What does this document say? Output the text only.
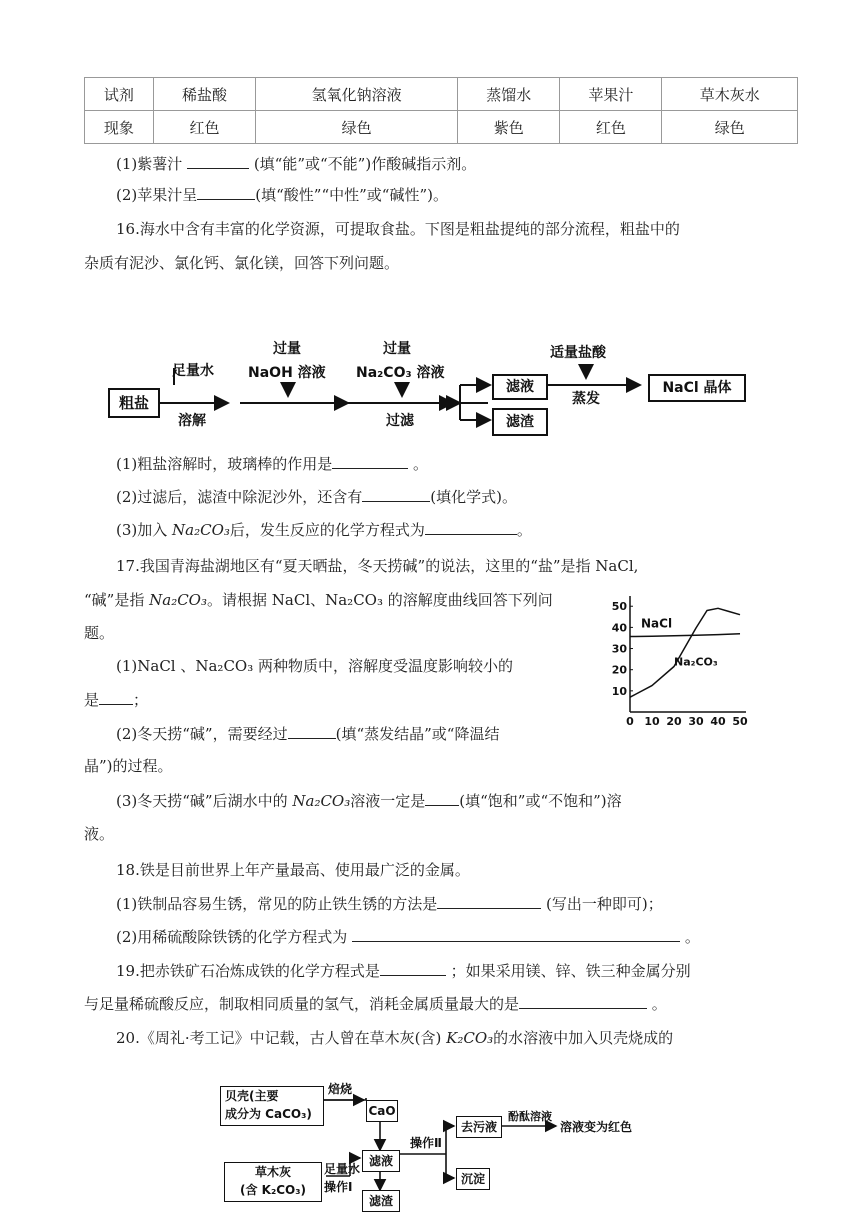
试剂	稀盐酸	氢氧化钠溶液	蒸馏水	苹果汁	草木灰水
现象	红色	绿色	紫色	红色	绿色
(1)紫薯汁	(填“能”或“不能”)作酸碱指示剂。
(2)苹果汁呈	(填“酸性”“中性”或“碱性”)。
16.海水中含有丰富的化学资源，可提取食盐。下图是粗盐提纯的部分流程，粗盐中的
杂质有泥沙、氯化钙、氯化镁，回答下列问题。
粗盐
足量水
溶解
过量
NaOH 溶液
过量
Na₂CO₃ 溶液
过滤
滤液
滤渣
适量盐酸
蒸发
NaCl 晶体
(1)粗盐溶解时，玻璃棒的作用是	。
(2)过滤后，滤渣中除泥沙外，还含有	(填化学式)。
(3)加入 Na₂CO₃后，发生反应的化学方程式为	。
17.我国青海盐湖地区有“夏天晒盐，冬天捞碱”的说法，这里的“盐”是指 NaCl,
“碱”是指 Na₂CO₃。请根据 NaCl、Na₂CO₃ 的溶解度曲线回答下列问
题。
(1)NaCl 、Na₂CO₃ 两种物质中，溶解度受温度影响较小的
是 ；
(2)冬天捞“碱”，需要经过	(填“蒸发结晶”或“降温结
晶”)的过程。
(3)冬天捞“碱”后湖水中的 Na₂CO₃溶液一定是 (填“饱和”或“不饱和”)溶
液。
0 10 20 30 40 50
10
20
30
40
50
NaCl
Na₂CO₃
18.铁是目前世界上年产量最高、使用最广泛的金属。
(1)铁制品容易生锈，常见的防止铁生锈的方法是	(写出一种即可)；
(2)用稀硫酸除铁锈的化学方程式为	。
19.把赤铁矿石冶炼成铁的化学方程式是	；如果采用镁、锌、铁三种金属分别
与足量稀硫酸反应，制取相同质量的氢气，消耗金属质量最大的是	。
20.《周礼·考工记》中记载，古人曾在草木灰(含) K₂CO₃的水溶液中加入贝壳烧成的
贝壳(主要
成分为 CaCO₃)
焙烧
CaO
滤液
操作Ⅱ
去污液
酚酞溶液
溶液变为红色
沉淀
草木灰
(含 K₂CO₃)
足量水
操作Ⅰ
滤渣
